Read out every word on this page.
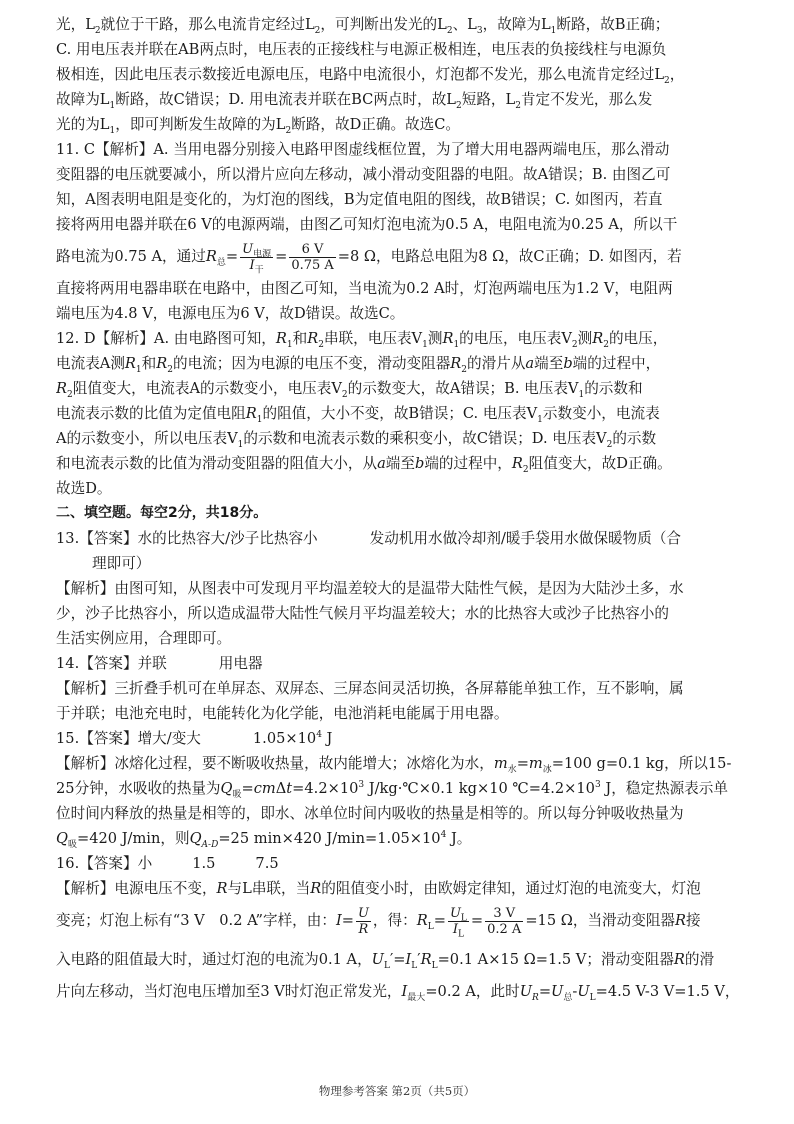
光，$L_2$就位于干路，那么电流肯定经过$L_2$，可判断出发光的$L_2$、$L_3$，故障为$L_1$断路，故B正确；
C. 用电压表并联在AB两点时，电压表的正接线柱与电源正极相连，电压表的负接线柱与电源负
极相连，因此电压表示数接近电源电压，电路中电流很小，灯泡都不发光，那么电流肯定经过$L_2$，
故障为$L_1$断路，故C错误；D. 用电流表并联在BC两点时，故$L_2$短路，$L_2$肯定不发光，那么发
光的为$L_1$，即可判断发生故障的为$L_2$断路，故D正确。故选C。
11. C【解析】A. 当用电器分别接入电路甲图虚线框位置，为了增大用电器两端电压，那么滑动
变阻器的电压就要减小，所以滑片应向左移动，减小滑动变阻器的电阻。故A错误；B. 由图乙可
知，A图表明电阻是变化的，为灯泡的图线，B为定值电阻的图线，故B错误；C. 如图丙，若直
接将两用电器并联在6 V的电源两端，由图乙可知灯泡电流为0.5 A，电阻电流为0.25 A，所以干
路电流为0.75 A，通过$R_总= \frac{U_{电源}}{I_干} = \frac{6 V}{0.75 A} =8$ Ω，电路总电阻为8 Ω，故C正确；D. 如图丙，若
直接将两用电器串联在电路中，由图乙可知，当电流为0.2 A时，灯泡两端电压为1.2 V，电阻两
端电压为4.8 V，电源电压为6 V，故D错误。故选C。
12. D【解析】A. 由电路图可知，$R_1$和$R_2$串联，电压表$V_1$测$R_1$的电压，电压表$V_2$测$R_2$的电压，
电流表A测$R_1$和$R_2$的电流；因为电源的电压不变，滑动变阻器$R_2$的滑片从a端至b端的过程中，
$R_2$阻值变大，电流表A的示数变小，电压表$V_2$的示数变大，故A错误；B. 电压表$V_1$的示数和
电流表示数的比值为定值电阻$R_1$的阻值，大小不变，故B错误；C. 电压表$V_1$示数变小，电流表
A的示数变小，所以电压表$V_1$的示数和电流表示数的乘积变小，故C错误；D. 电压表$V_2$的示数
和电流表示数的比值为滑动变阻器的阻值大小，从a端至b端的过程中，$R_2$阻值变大，故D正确。
故选D。
二、填空题。每空2分，共18分。
13.【答案】水的比热容大/沙子比热容小	发动机用水做冷却剂/暖手袋用水做保暖物质（合
理即可）
【解析】由图可知，从图表中可发现月平均温差较大的是温带大陆性气候，是因为大陆沙土多，水
少，沙子比热容小，所以造成温带大陆性气候月平均温差较大；水的比热容大或沙子比热容小的
生活实例应用，合理即可。
14.【答案】并联	用电器
【解析】三折叠手机可在单屏态、双屏态、三屏态间灵活切换，各屏幕能单独工作，互不影响，属
于并联；电池充电时，电能转化为化学能，电池消耗电能属于用电器。
15.【答案】增大/变大	$1.05\times 10^4$ J
【解析】冰熔化过程，要不断吸收热量，故内能增大；冰熔化为水，$m_水=m_冰=100$ g=0.1 kg，所以15-
25分钟，水吸收的热量为$Q_吸=cm\Delta t=4.2\times 10^3$ J/kg·℃×0.1 kg×10 $℃=4.2\times 10^3$ J，稳定热源表示单
位时间内释放的热量是相等的，即水、冰单位时间内吸收的热量是相等的。所以每分钟吸收热量为
$Q_吸=420$ J/min，则$Q_{A-D}=25$ min×420 $J/\min=1.05\times 10^4$ J。
16.【答案】小	1.5	7.5
【解析】电源电压不变，R与L串联，当R的阻值变小时，由欧姆定律知，通过灯泡的电流变大，灯泡
变亮；灯泡上标有“3 V　0.2 A”字样，由：$I= \frac{U}{R}$ ，得：$R_L= \frac{U_L}{I_L} = \frac{3 V}{0.2 A} =15$ Ω，当滑动变阻器R接
入电路的阻值最大时，通过灯泡的电流为0.1 A，$U_L'=I_L'R_L=0.1$ A×15 Ω=1.5 V；滑动变阻器R的滑
片向左移动，当灯泡电压增加至3 V时灯泡正常发光，$I_{最大}=0.2$ A，此时$U_R=U_总-U_L=4.5$ V-3 V=1.5 V，
物理参考答案 第2页（共5页）
